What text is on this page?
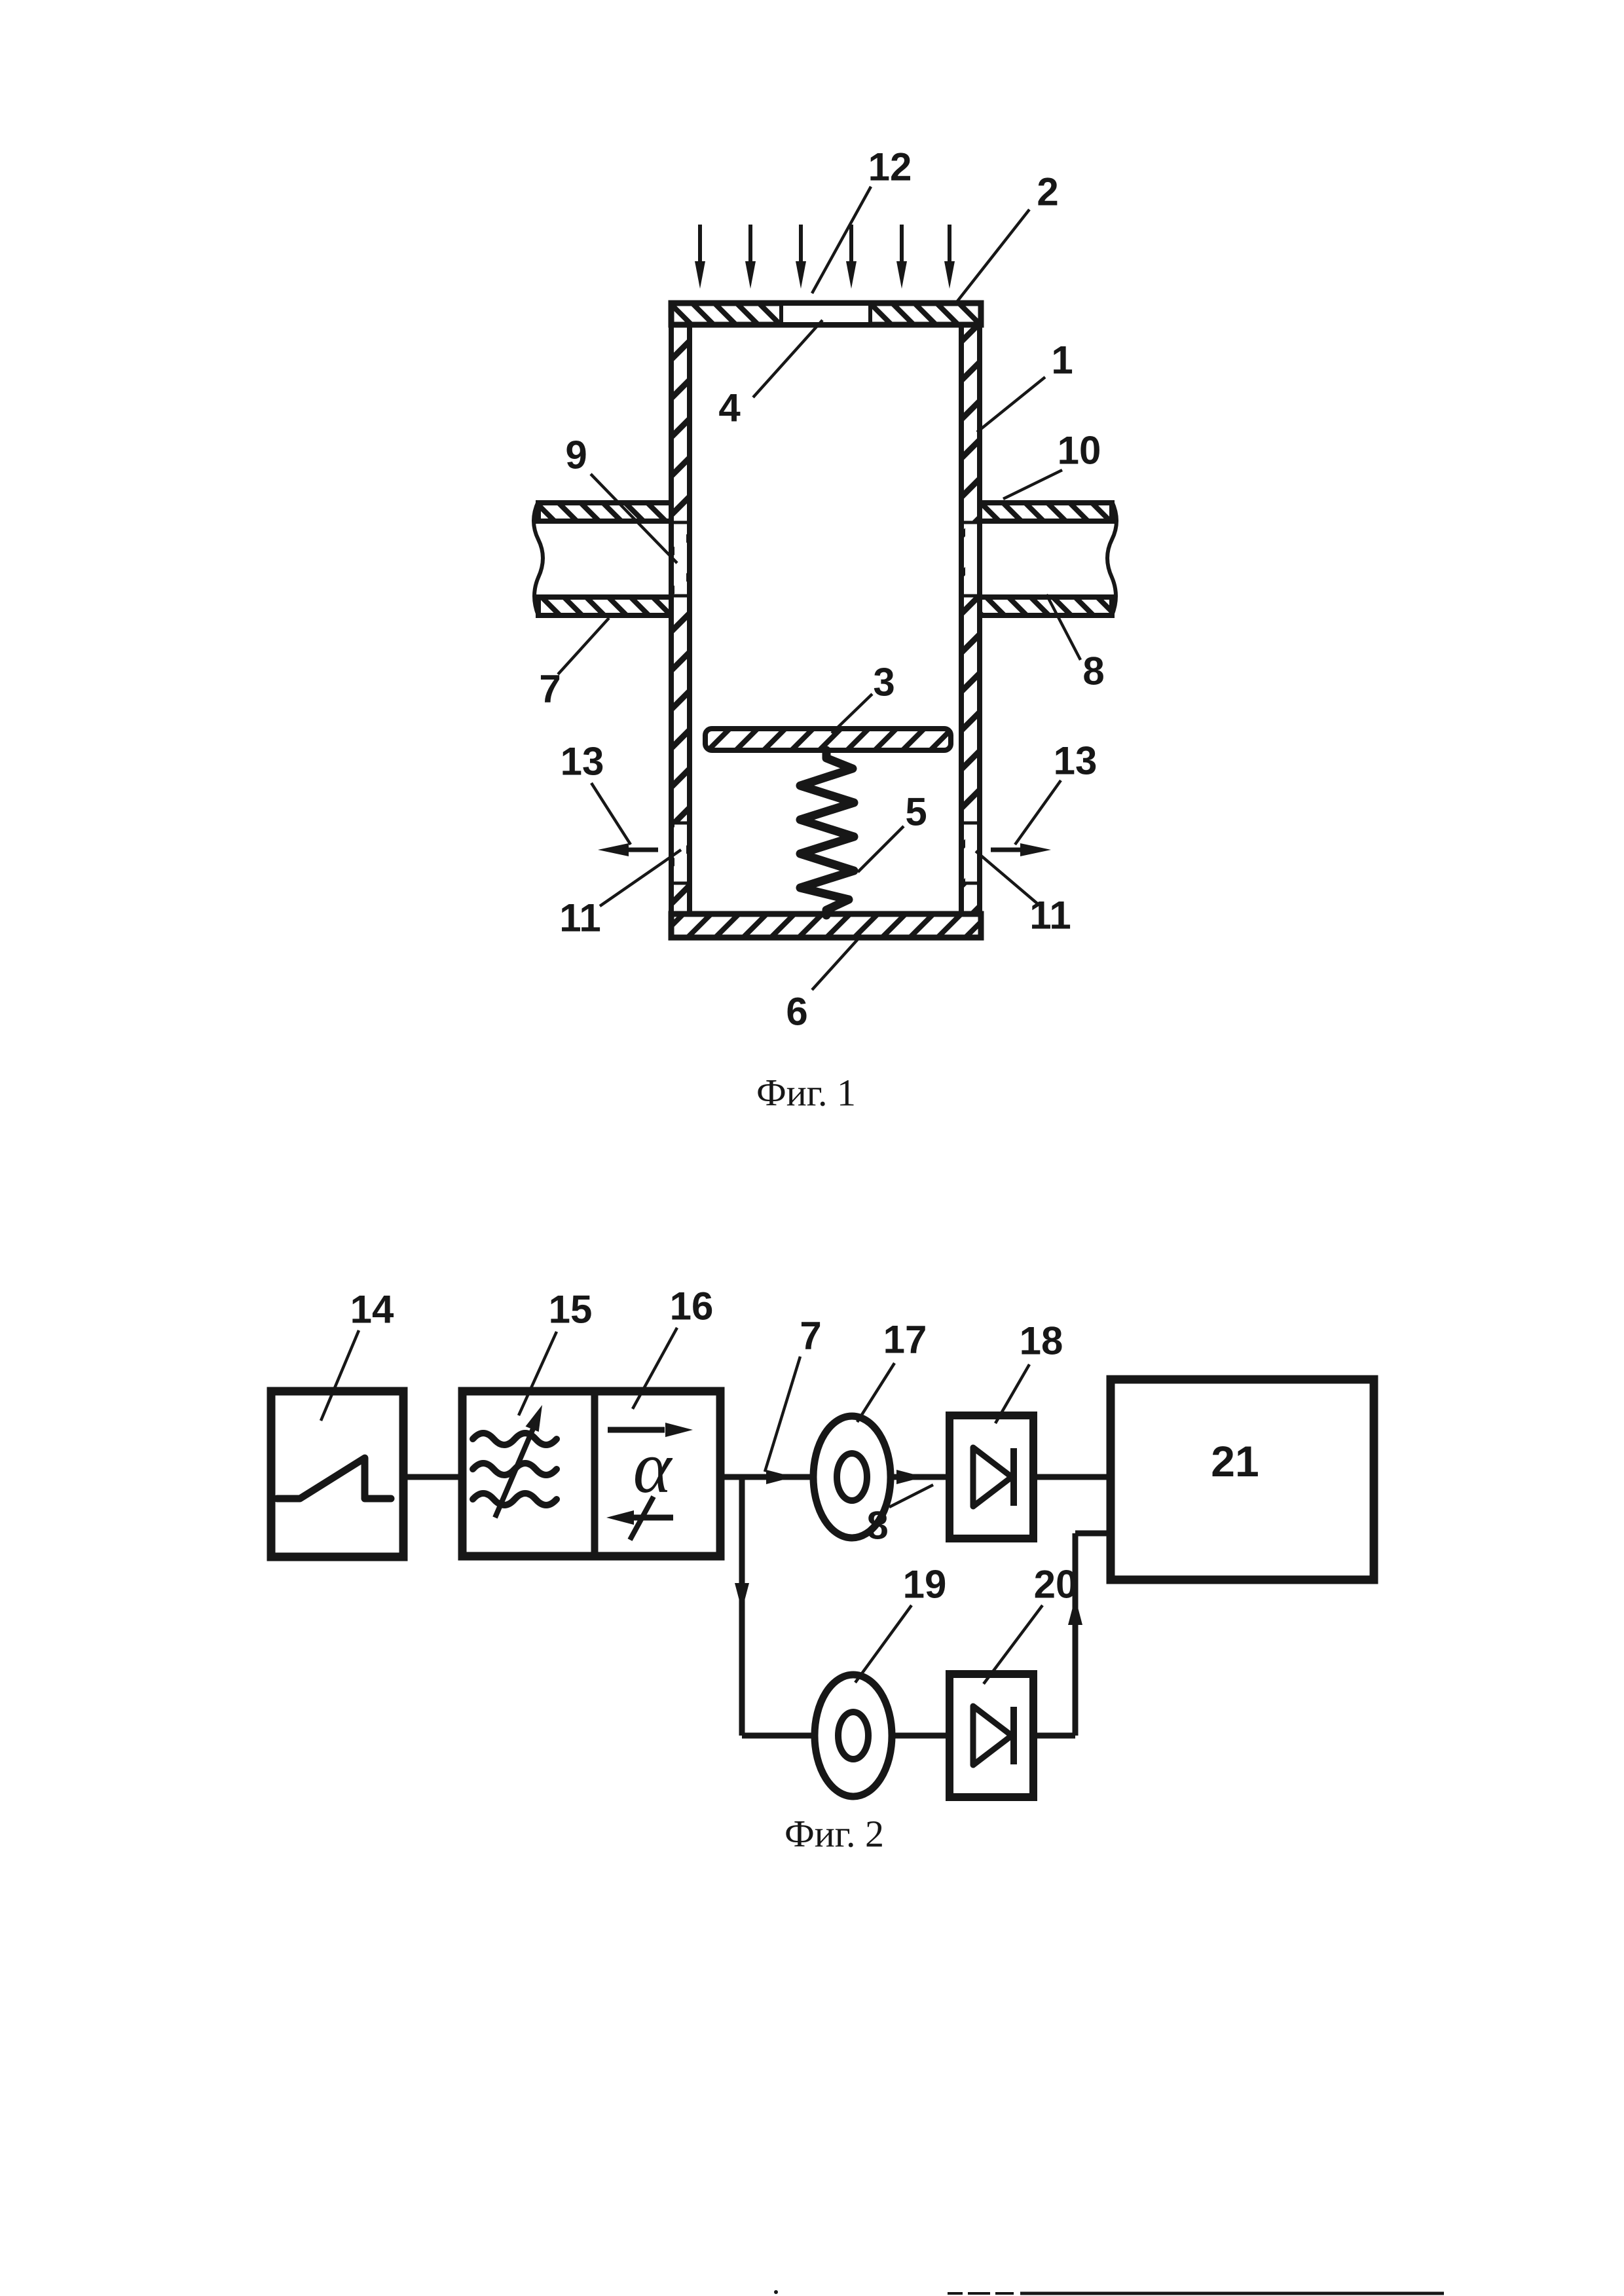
12
2
4
1
9	10
7	8
3
13	13
5
11	11
6
Фиг. 1
α	21
14	15 16
7 17 18
8
19 20
Фиг. 2
